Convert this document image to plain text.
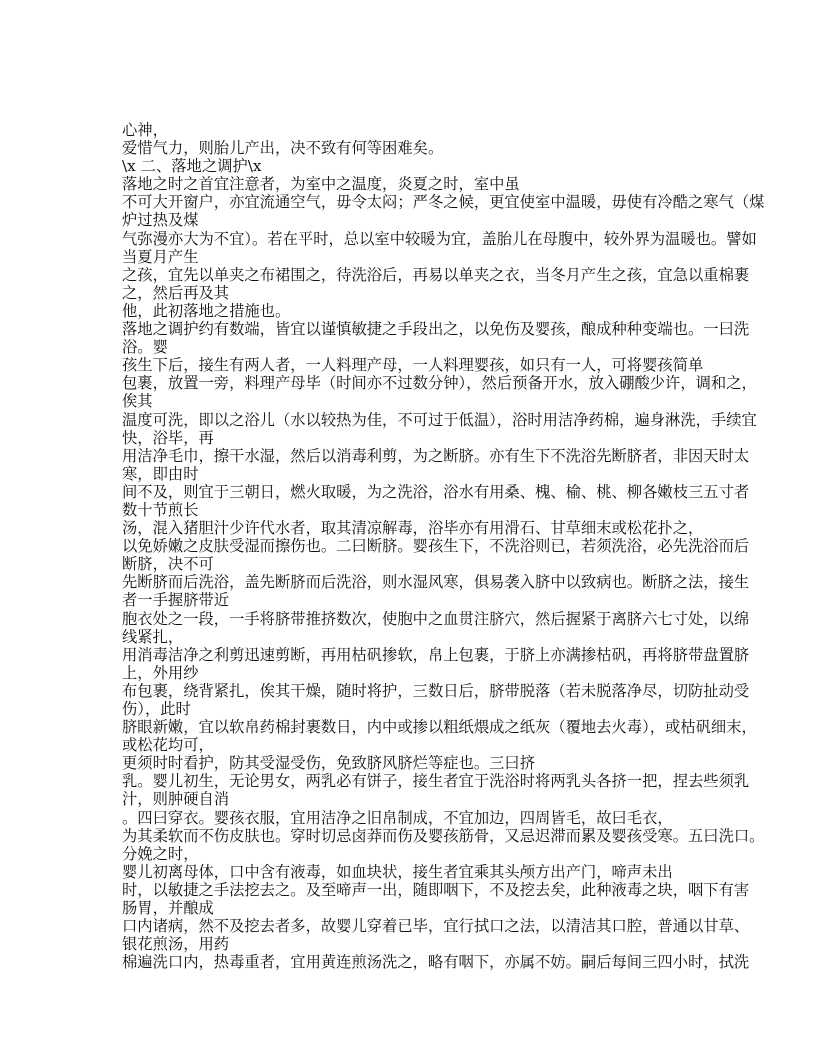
心神，
爱惜气力，则胎儿产出，决不致有何等困难矣。
\x 二、落地之调护\x
落地之时之首宜注意者，为室中之温度，炎夏之时，室中虽
不可大开窗户，亦宜流通空气，毋令太闷；严冬之候，更宜使室中温暖，毋使有冷酷之寒气（煤
炉过热及煤
气弥漫亦大为不宜）。若在平时，总以室中较暖为宜，盖胎儿在母腹中，较外界为温暖也。譬如
当夏月产生
之孩，宜先以单夹之布裙围之，待洗浴后，再易以单夹之衣，当冬月产生之孩，宜急以重棉裹
之，然后再及其
他，此初落地之措施也。
落地之调护约有数端，皆宜以谨慎敏捷之手段出之，以免伤及婴孩，酿成种种变端也。一曰洗
浴。婴
孩生下后，接生有两人者，一人料理产母，一人料理婴孩，如只有一人，可将婴孩简单
包裹，放置一旁，料理产母毕（时间亦不过数分钟），然后预备开水，放入硼酸少许，调和之，
俟其
温度可洗，即以之浴儿（水以较热为佳，不可过于低温），浴时用洁净药棉，遍身淋洗，手续宜
快，浴毕，再
用洁净毛巾，擦干水湿，然后以消毒利剪，为之断脐。亦有生下不洗浴先断脐者，非因天时太
寒，即由时
间不及，则宜于三朝日，燃火取暖，为之洗浴，浴水有用桑、槐、榆、桃、柳各嫩枝三五寸者
数十节煎长
汤，混入猪胆汁少许代水者，取其清凉解毒，浴毕亦有用滑石、甘草细末或松花扑之，
以免娇嫩之皮肤受湿而擦伤也。二曰断脐。婴孩生下，不洗浴则已，若须洗浴，必先洗浴而后
断脐，决不可
先断脐而后洗浴，盖先断脐而后洗浴，则水湿风寒，俱易袭入脐中以致病也。断脐之法，接生
者一手握脐带近
胞衣处之一段，一手将脐带推挤数次，使胞中之血贯注脐穴，然后握紧于离脐六七寸处，以绵
线紧扎，
用消毒洁净之利剪迅速剪断，再用枯矾掺软，帛上包裹，于脐上亦满掺枯矾，再将脐带盘置脐
上，外用纱
布包裹，绕背紧扎，俟其干燥，随时将护，三数日后，脐带脱落（若未脱落净尽，切防扯动受
伤），此时
脐眼新嫩，宜以软帛药棉封裹数日，内中或掺以粗纸煨成之纸灰（覆地去火毒），或枯矾细末，
或松花均可，
更须时时看护，防其受湿受伤，免致脐风脐烂等症也。三曰挤
乳。婴儿初生，无论男女，两乳必有饼子，接生者宜于洗浴时将两乳头各挤一把，捏去些须乳
汁，则肿硬自消
。四曰穿衣。婴孩衣服，宜用洁净之旧帛制成，不宜加边，四周皆毛，故曰毛衣，
为其柔软而不伤皮肤也。穿时切忌卤莽而伤及婴孩筋骨，又忌迟滞而累及婴孩受寒。五曰洗口。
分娩之时，
婴儿初离母体，口中含有液毒，如血块状，接生者宜乘其头颅方出产门，啼声未出
时，以敏捷之手法挖去之。及至啼声一出，随即咽下，不及挖去矣，此种液毒之块，咽下有害
肠胃，并酿成
口内诸病，然不及挖去者多，故婴儿穿着已毕，宜行拭口之法，以清洁其口腔，普通以甘草、
银花煎汤，用药
棉遍洗口内，热毒重者，宜用黄连煎汤洗之，略有咽下，亦属不妨。嗣后每间三四小时，拭洗
